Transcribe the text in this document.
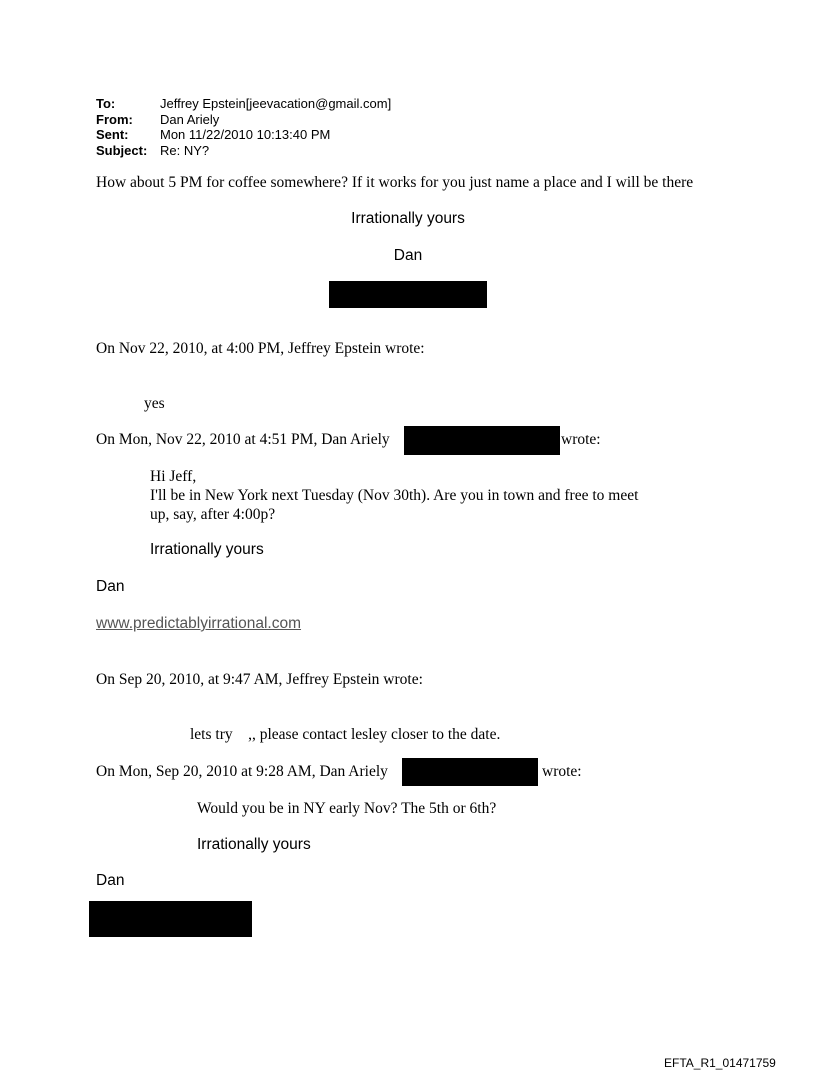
To:	Jeffrey Epstein[jeevacation@gmail.com]
From: Dan Ariely
Sent: Mon 11/22/2010 10:13:40 PM
Subject: Re: NY?
How about 5 PM for coffee somewhere? If it works for you just name a place and I will be there
Irrationally yours
Dan
On Nov 22, 2010, at 4:00 PM, Jeffrey Epstein wrote:
yes
On Mon, Nov 22, 2010 at 4:51 PM, Dan Ariely	wrote:
Hi Jeff,
I'll be in New York next Tuesday (Nov 30th). Are you in town and free to meet
up, say, after 4:00p?
Irrationally yours
Dan
www.predictablyirrational.com
On Sep 20, 2010, at 9:47 AM, Jeffrey Epstein wrote:
lets try    ,, please contact lesley closer to the date.
On Mon, Sep 20, 2010 at 9:28 AM, Dan Ariely	wrote:
Would you be in NY early Nov? The 5th or 6th?
Irrationally yours
Dan
EFTA_R1_01471759
